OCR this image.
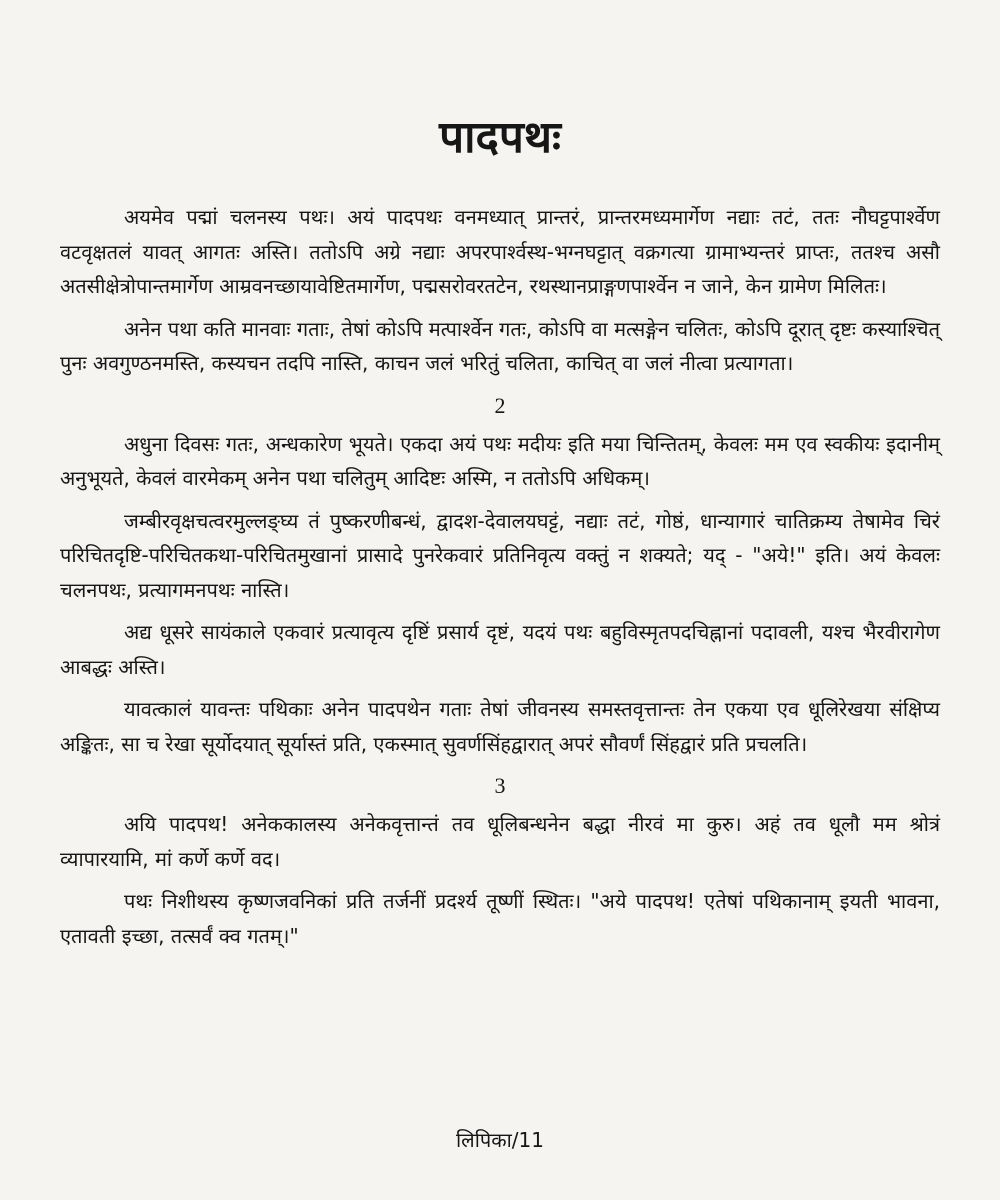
पादपथः

अयमेव पद्मां चलनस्य पथः। अयं पादपथः वनमध्यात् प्रान्तरं, प्रान्तरमध्यमार्गेण नद्याः तटं, ततः नौघट्टपार्श्वेण वटवृक्षतलं यावत् आगतः अस्ति। ततोऽपि अग्रे नद्याः अपरपार्श्वस्थ-भग्नघट्टात् वक्रगत्या ग्रामाभ्यन्तरं प्राप्तः, ततश्च असौ अतसीक्षेत्रोपान्तमार्गेण आम्रवनच्छायावेष्टितमार्गेण, पद्मसरोवरतटेन, रथस्थानप्राङ्गणपार्श्वेन न जाने, केन ग्रामेण मिलितः।

अनेन पथा कति मानवाः गताः, तेषां कोऽपि मत्पार्श्वेन गतः, कोऽपि वा मत्सङ्गेन चलितः, कोऽपि दूरात् दृष्टः कस्याश्चित् पुनः अवगुण्ठनमस्ति, कस्यचन तदपि नास्ति, काचन जलं भरितुं चलिता, काचित् वा जलं नीत्वा प्रत्यागता।

2

अधुना दिवसः गतः, अन्धकारेण भूयते। एकदा अयं पथः मदीयः इति मया चिन्तितम्, केवलः मम एव स्वकीयः इदानीम् अनुभूयते, केवलं वारमेकम् अनेन पथा चलितुम् आदिष्टः अस्मि, न ततोऽपि अधिकम्।

जम्बीरवृक्षचत्वरमुल्लङ्घ्य तं पुष्करणीबन्धं, द्वादश-देवालयघट्टं, नद्याः तटं, गोष्ठं, धान्यागारं चातिक्रम्य तेषामेव चिरं परिचितदृष्टि-परिचितकथा-परिचितमुखानां प्रासादे पुनरेकवारं प्रतिनिवृत्य वक्तुं न शक्यते; यद् - "अये!" इति। अयं केवलः चलनपथः, प्रत्यागमनपथः नास्ति।

अद्य धूसरे सायंकाले एकवारं प्रत्यावृत्य दृष्टिं प्रसार्य दृष्टं, यदयं पथः बहुविस्मृतपदचिह्नानां पदावली, यश्च भैरवीरागेण आबद्धः अस्ति।

यावत्कालं यावन्तः पथिकाः अनेन पादपथेन गताः तेषां जीवनस्य समस्तवृत्तान्तः तेन एकया एव धूलिरेखया संक्षिप्य अङ्कितः, सा च रेखा सूर्योदयात् सूर्यास्तं प्रति, एकस्मात् सुवर्णसिंहद्वारात् अपरं सौवर्णं सिंहद्वारं प्रति प्रचलति।

3

अयि पादपथ! अनेककालस्य अनेकवृत्तान्तं तव धूलिबन्धनेन बद्धा नीरवं मा कुरु। अहं तव धूलौ मम श्रोत्रं व्यापारयामि, मां कर्णे कर्णे वद।

पथः निशीथस्य कृष्णजवनिकां प्रति तर्जनीं प्रदर्श्य तूष्णीं स्थितः। "अये पादपथ! एतेषां पथिकानाम् इयती भावना, एतावती इच्छा, तत्सर्वं क्व गतम्।"

लिपिका/11
